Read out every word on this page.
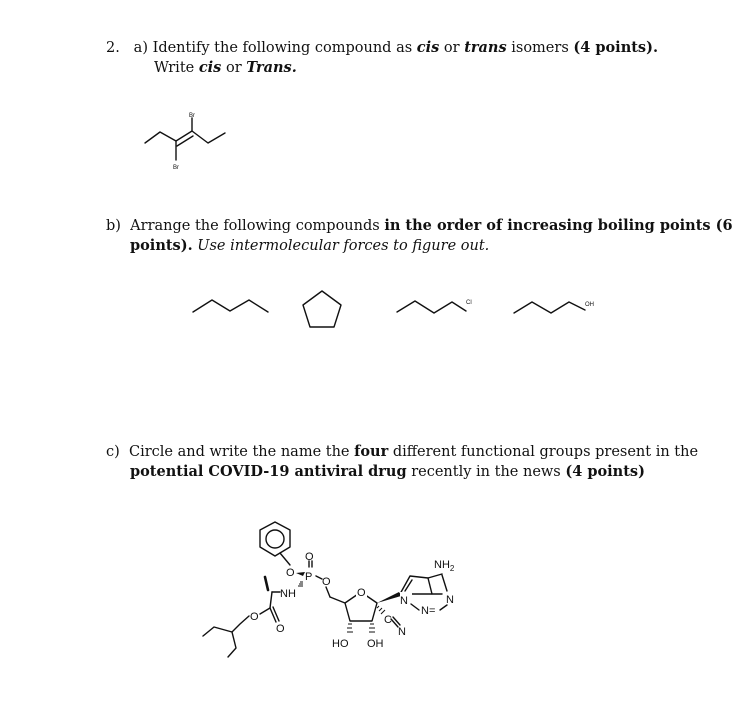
2. a) Identify the following compound as cis or trans isomers (4 points).
Write cis or Trans.
Br
Br
b) Arrange the following compounds in the order of increasing boiling points (6
points). Use intermolecular forces to figure out.
Cl	OH
c) Circle and write the name the four different functional groups present in the
potential COVID-19 antiviral drug recently in the news (4 points)
O P
O
O
NH
O
O
O
HO OH
C
N
N
$NH_2$
N
N=
